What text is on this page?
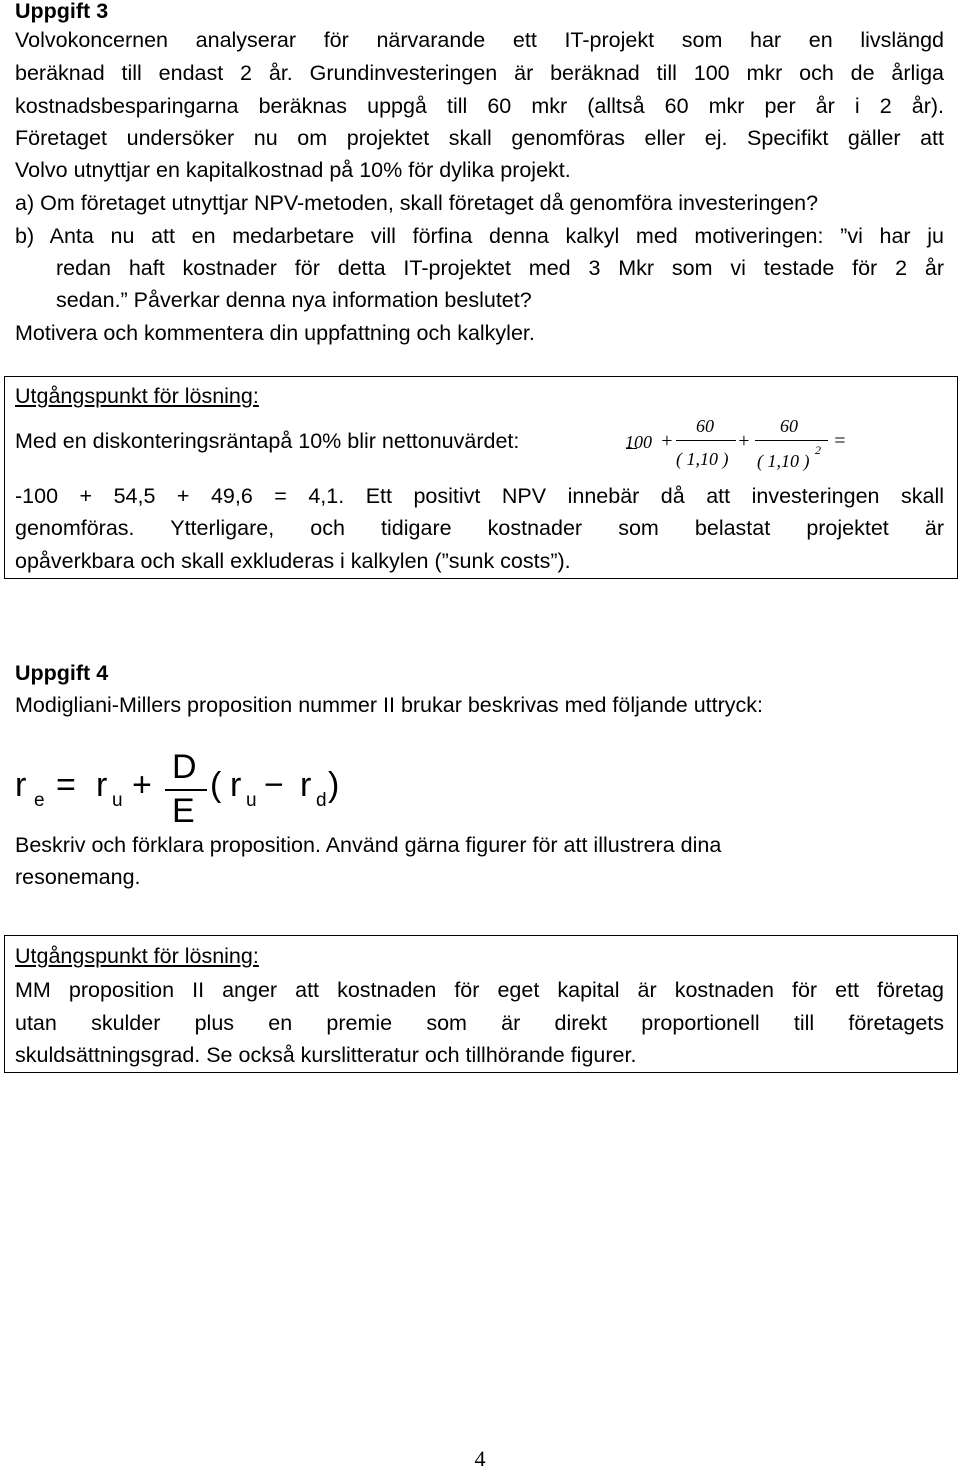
Uppgift 3
Volvokoncernen analyserar för närvarande ett IT-projekt som har en livslängd
beräknad till endast 2 år. Grundinvesteringen är beräknad till 100 mkr och de årliga
kostnadsbesparingarna beräknas uppgå till 60 mkr (alltså 60 mkr per år i 2 år).
Företaget undersöker nu om projektet skall genomföras eller ej. Specifikt gäller att
Volvo utnyttjar en kapitalkostnad på 10% för dylika projekt.
a) Om företaget utnyttjar NPV-metoden, skall företaget då genomföra investeringen?
b) Anta nu att en medarbetare vill förfina denna kalkyl med motiveringen: ”vi har ju
redan haft kostnader för detta IT-projektet med 3 Mkr som vi testade för 2 år
sedan.” Påverkar denna nya information beslutet?
Motivera och kommentera din uppfattning och kalkyler.
Utgångspunkt för lösning:
Med en diskonteringsräntapå 10% blir nettonuvärdet:	100 +
60
( 1,10 )
+
60
( 1,10 )
2 =
-100 + 54,5 + 49,6 = 4,1. Ett positivt NPV innebär då att investeringen skall
genomföras. Ytterligare, och tidigare kostnader som belastat projektet är
opåverkbara och skall exkluderas i kalkylen (”sunk costs”).
Uppgift 4
Modigliani-Millers proposition nummer II brukar beskrivas med följande uttryck:
r e = r u + D
E
( r u − r d )
Beskriv och förklara proposition. Använd gärna figurer för att illustrera dina
resonemang.
Utgångspunkt för lösning:
MM proposition II anger att kostnaden för eget kapital är kostnaden för ett företag
utan skulder plus en premie som är direkt proportionell till företagets
skuldsättningsgrad. Se också kurslitteratur och tillhörande figurer.
4
